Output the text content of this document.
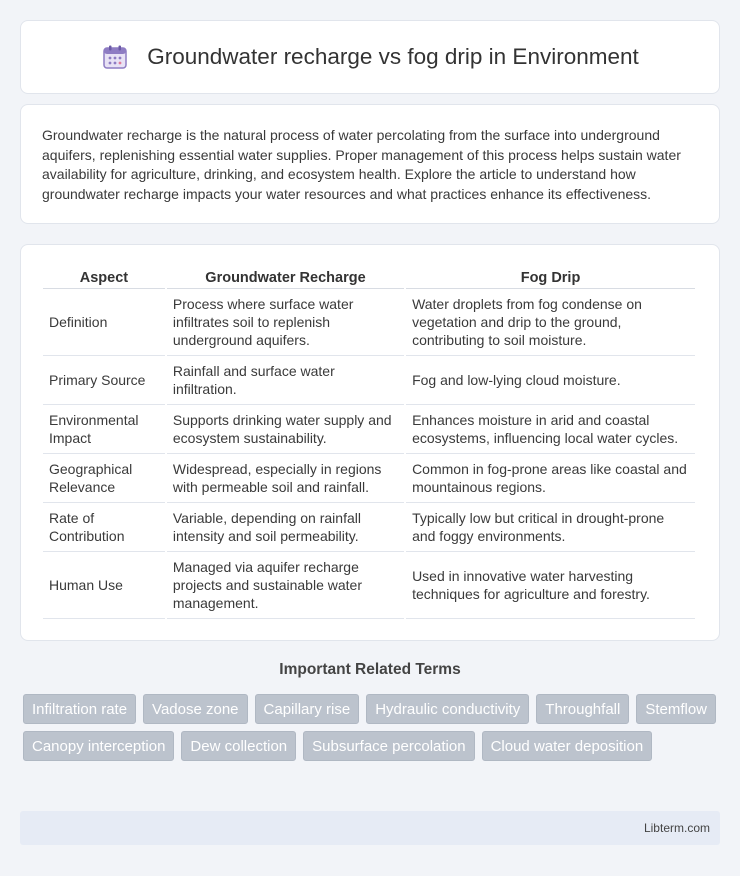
Groundwater recharge vs fog drip in Environment

Groundwater recharge is the natural process of water percolating from the surface into underground aquifers, replenishing essential water supplies. Proper management of this process helps sustain water availability for agriculture, drinking, and ecosystem health. Explore the article to understand how groundwater recharge impacts your water resources and what practices enhance its effectiveness.

Aspect	Groundwater Recharge	Fog Drip
Definition	Process where surface water infiltrates soil to replenish underground aquifers.	Water droplets from fog condense on vegetation and drip to the ground, contributing to soil moisture.
Primary Source	Rainfall and surface water infiltration.	Fog and low-lying cloud moisture.
Environmental Impact	Supports drinking water supply and ecosystem sustainability.	Enhances moisture in arid and coastal ecosystems, influencing local water cycles.
Geographical Relevance	Widespread, especially in regions with permeable soil and rainfall.	Common in fog-prone areas like coastal and mountainous regions.
Rate of Contribution	Variable, depending on rainfall intensity and soil permeability.	Typically low but critical in drought-prone and foggy environments.
Human Use	Managed via aquifer recharge projects and sustainable water management.	Used in innovative water harvesting techniques for agriculture and forestry.
Important Related Terms
Infiltration rate	Vadose zone	Capillary rise	Hydraulic conductivity	Throughfall	Stemflow
Canopy interception	Dew collection	Subsurface percolation	Cloud water deposition
Libterm.com
